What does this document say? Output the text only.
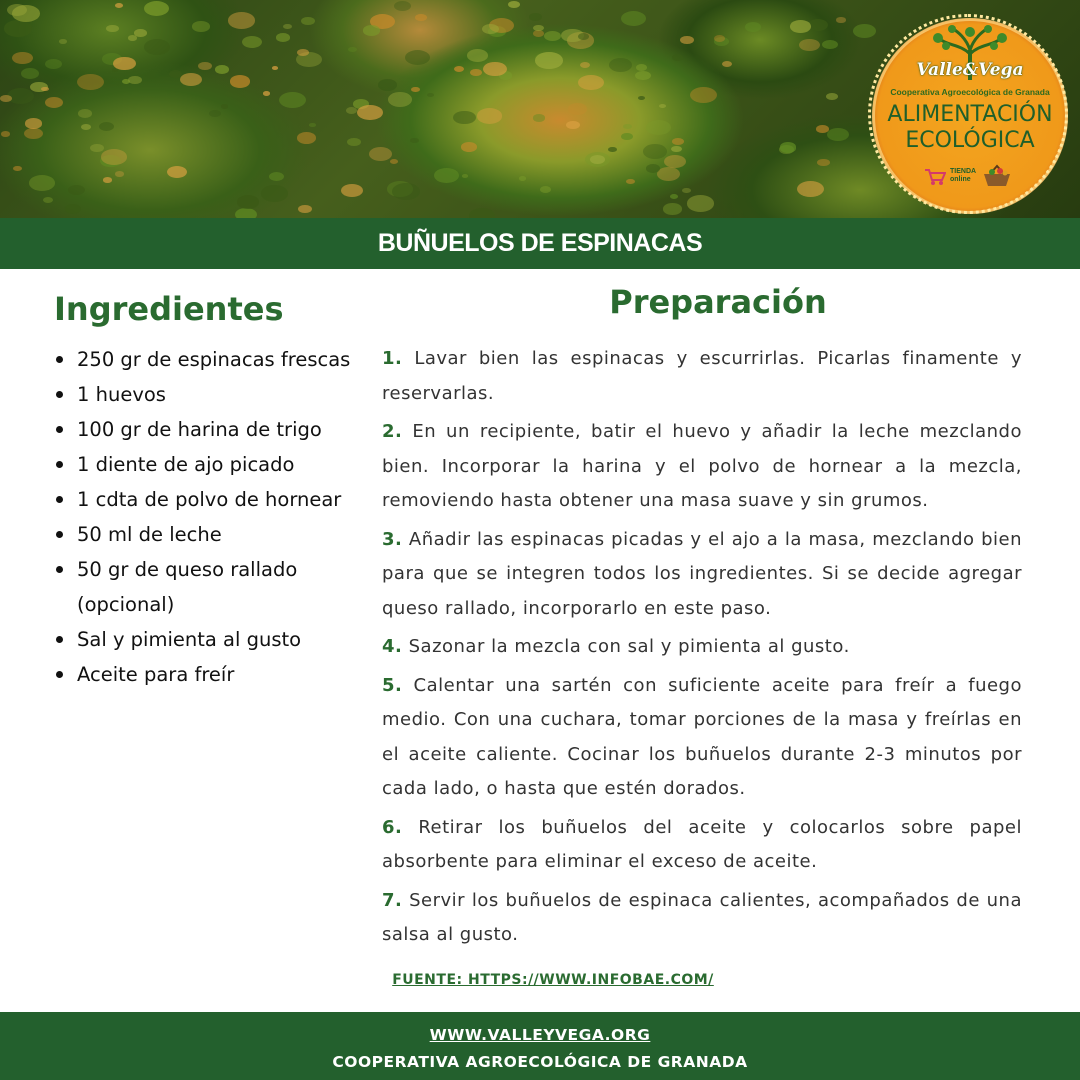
Valle&Vega
Cooperativa Agroecológica de Granada
ALIMENTACIÓN
ECOLÓGICA
TIENDA
online
BUÑUELOS DE ESPINACAS
Ingredientes
250 gr de espinacas frescas
1 huevos
100 gr de harina de trigo
1 diente de ajo picado
1 cdta de polvo de hornear
50 ml de leche
50 gr de queso rallado (opcional)
Sal y pimienta al gusto
Aceite para freír
Preparación

1. Lavar bien las espinacas y escurrirlas. Picarlas finamente y reservarlas.

2. En un recipiente, batir el huevo y añadir la leche mezclando bien. Incorporar la harina y el polvo de hornear a la mezcla, removiendo hasta obtener una masa suave y sin grumos.

3. Añadir las espinacas picadas y el ajo a la masa, mezclando bien para que se integren todos los ingredientes. Si se decide agregar queso rallado, incorporarlo en este paso.

4. Sazonar la mezcla con sal y pimienta al gusto.

5. Calentar una sartén con suficiente aceite para freír a fuego medio. Con una cuchara, tomar porciones de la masa y freírlas en el aceite caliente. Cocinar los buñuelos durante 2-3 minutos por cada lado, o hasta que estén dorados.

6. Retirar los buñuelos del aceite y colocarlos sobre papel absorbente para eliminar el exceso de aceite.

7. Servir los buñuelos de espinaca calientes, acompañados de una salsa al gusto.

FUENTE: HTTPS://WWW.INFOBAE.COM/
WWW.VALLEYVEGA.ORG
COOPERATIVA AGROECOLÓGICA DE GRANADA
